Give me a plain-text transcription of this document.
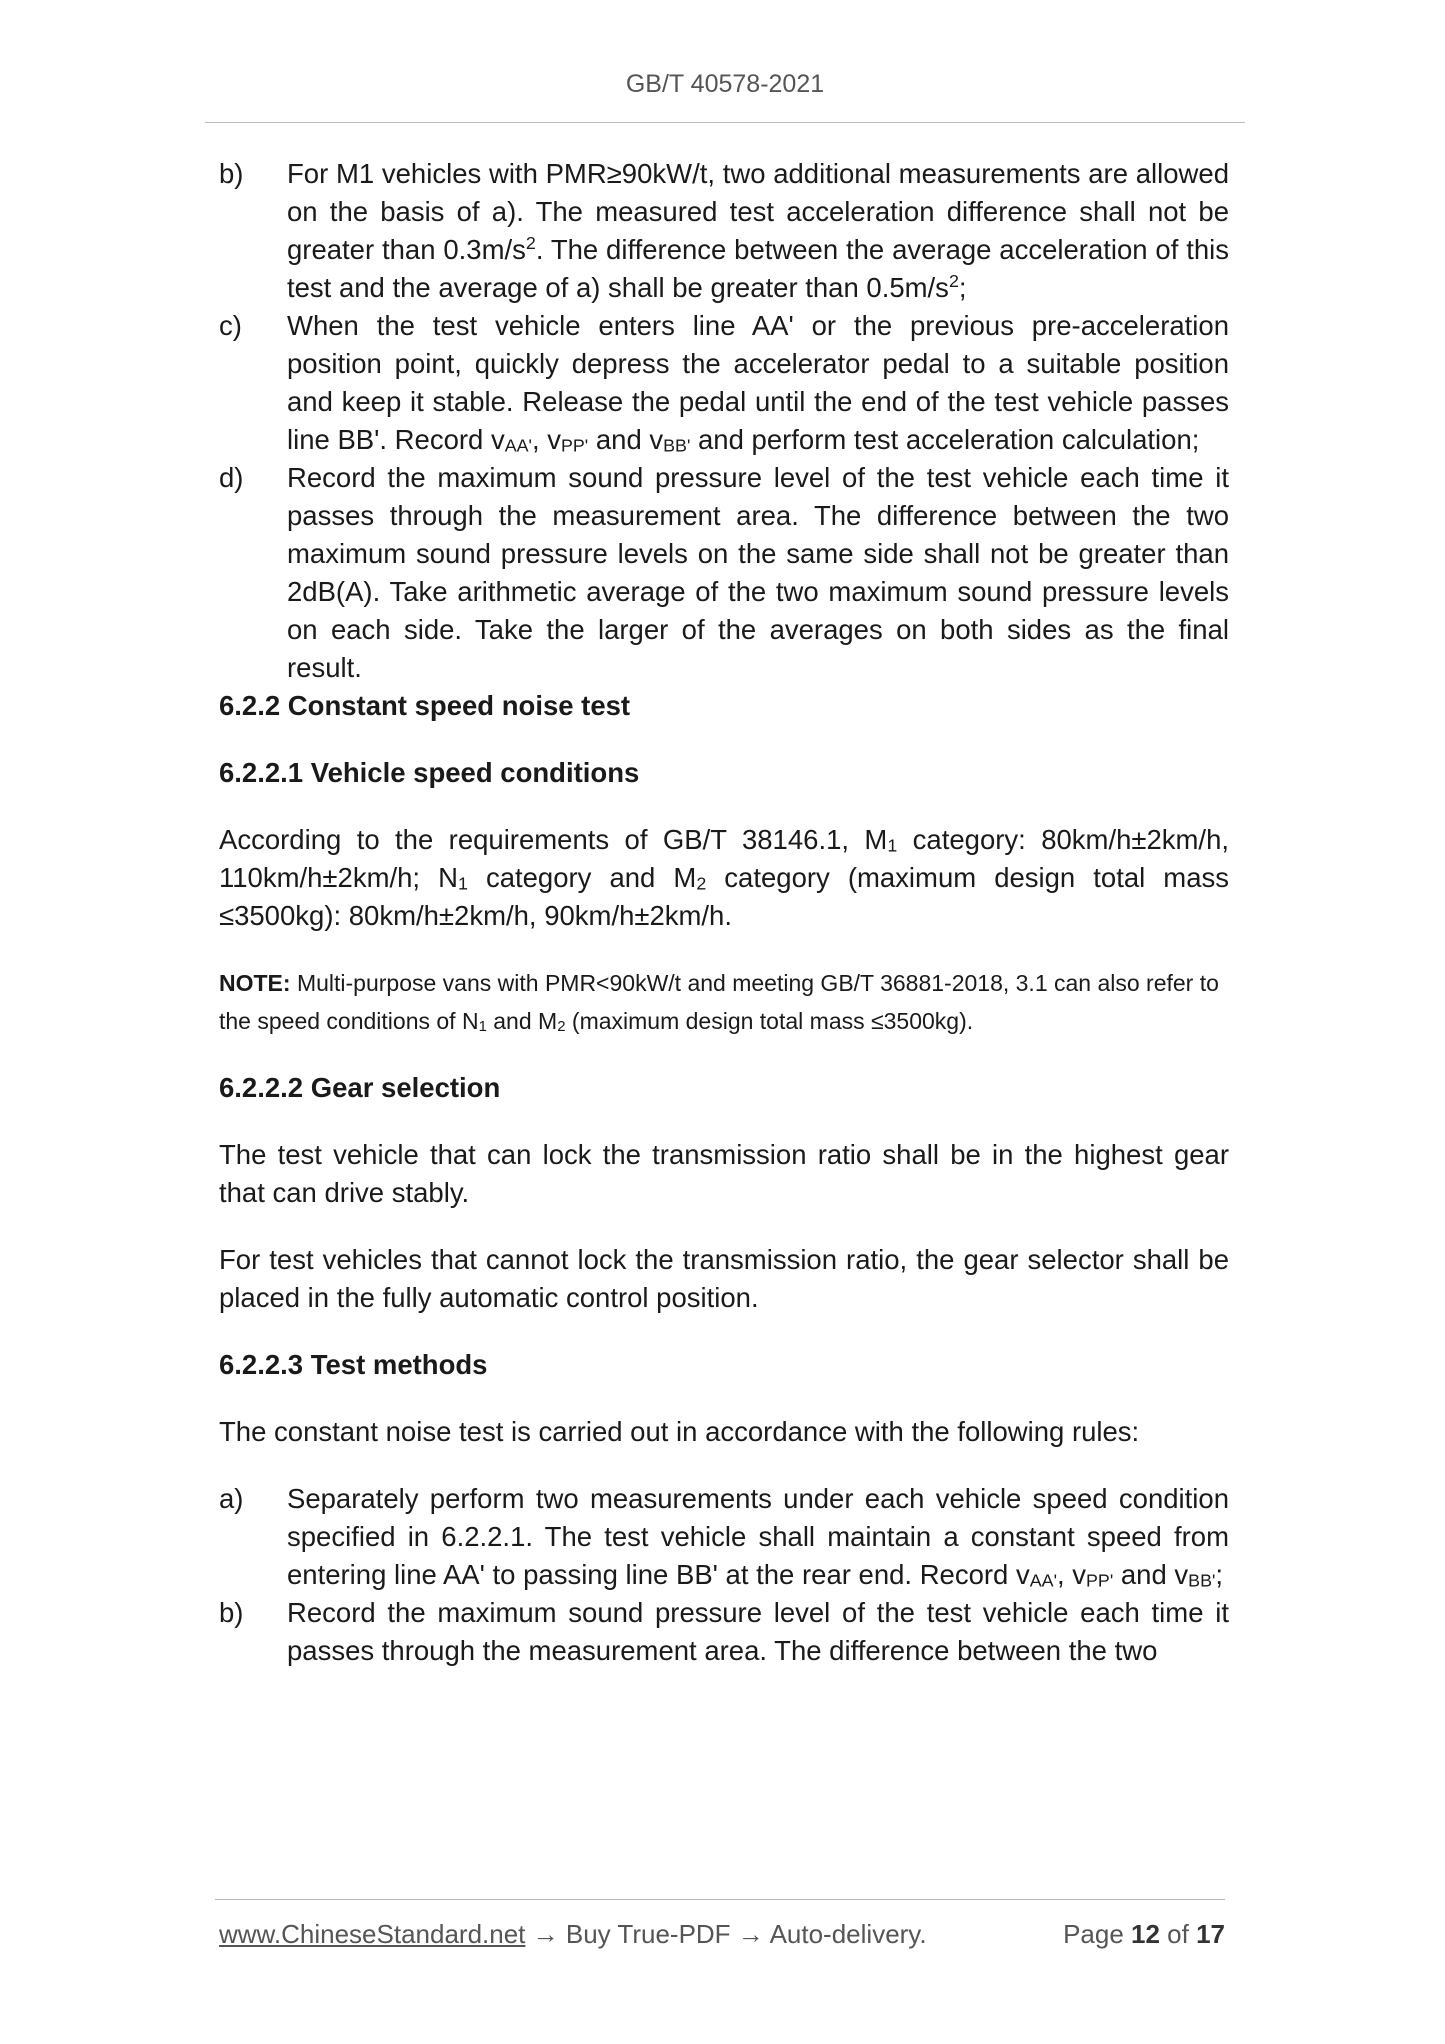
GB/T 40578-2021

b) For M1 vehicles with PMR≥90kW/t, two additional measurements are allowed on the basis of a). The measured test acceleration difference shall not be greater than $0.3m/s^2$. The difference between the average acceleration of this test and the average of a) shall be greater than $0.5m/s^2$;

c) When the test vehicle enters line AA' or the previous pre-acceleration position point, quickly depress the accelerator pedal to a suitable position and keep it stable. Release the pedal until the end of the test vehicle passes line BB'. Record $v_{AA'}$, $v_{PP'}$ and $v_{BB'}$ and perform test acceleration calculation;

d) Record the maximum sound pressure level of the test vehicle each time it passes through the measurement area. The difference between the two maximum sound pressure levels on the same side shall not be greater than 2dB(A). Take arithmetic average of the two maximum sound pressure levels on each side. Take the larger of the averages on both sides as the final result.

6.2.2 Constant speed noise test

6.2.2.1 Vehicle speed conditions

According to the requirements of GB/T 38146.1, $M_1$ category: 80km/h±2km/h, 110km/h±2km/h; $N_1$ category and $M_2$ category (maximum design total mass ≤3500kg): 80km/h±2km/h, 90km/h±2km/h.

NOTE: Multi-purpose vans with PMR<90kW/t and meeting GB/T 36881-2018, 3.1 can also refer to the speed conditions of $N_1$ and $M_2$ (maximum design total mass ≤3500kg).

6.2.2.2 Gear selection

The test vehicle that can lock the transmission ratio shall be in the highest gear that can drive stably.

For test vehicles that cannot lock the transmission ratio, the gear selector shall be placed in the fully automatic control position.

6.2.2.3 Test methods

The constant noise test is carried out in accordance with the following rules:

a) Separately perform two measurements under each vehicle speed condition specified in 6.2.2.1. The test vehicle shall maintain a constant speed from entering line AA' to passing line BB' at the rear end. Record $v_{AA'}$, $v_{PP'}$ and $v_{BB'}$;

b) Record the maximum sound pressure level of the test vehicle each time it passes through the measurement area. The difference between the two

www.ChineseStandard.net → Buy True-PDF → Auto-delivery.	Page 12 of 17
